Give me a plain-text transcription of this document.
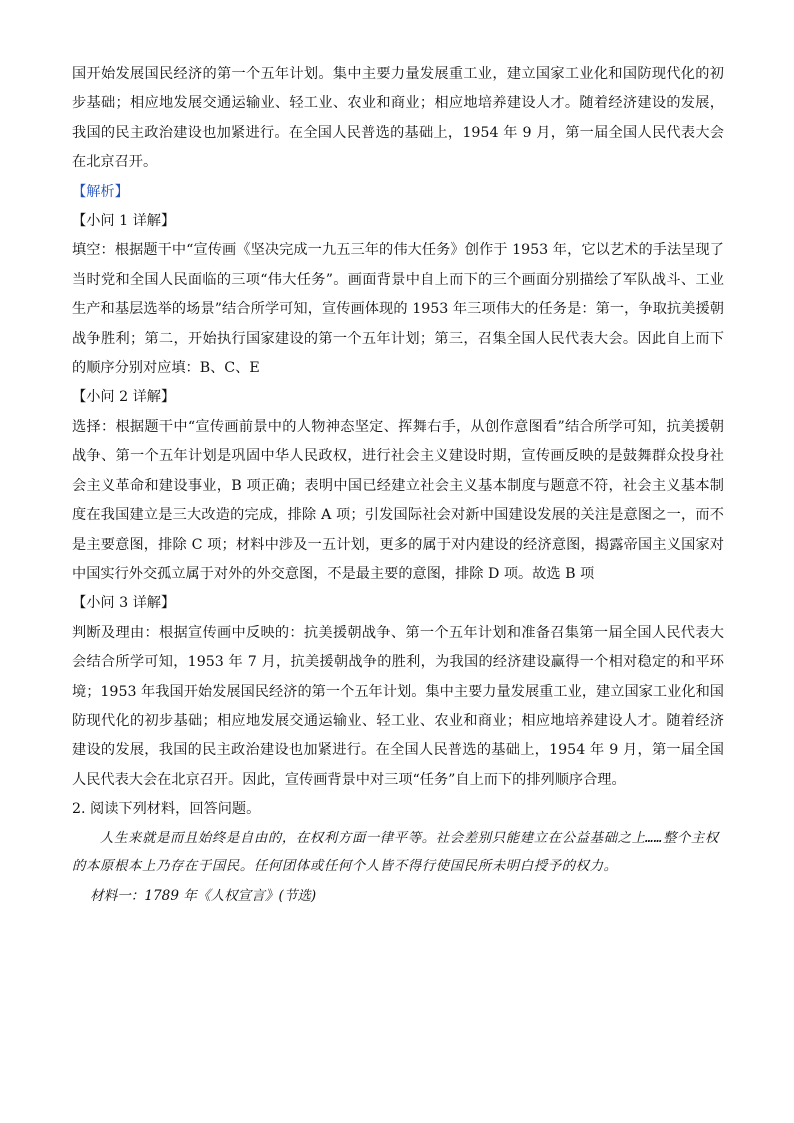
国开始发展国民经济的第一个五年计划。集中主要力量发展重工业，建立国家工业化和国防现代化的初步基础；相应地发展交通运输业、轻工业、农业和商业；相应地培养建设人才。随着经济建设的发展，我国的民主政治建设也加紧进行。在全国人民普选的基础上，1954 年 9 月，第一届全国人民代表大会在北京召开。

【解析】

【小问 1 详解】

填空：根据题干中“宣传画《坚决完成一九五三年的伟大任务》创作于 1953 年，它以艺术的手法呈现了当时党和全国人民面临的三项“伟大任务”。画面背景中自上而下的三个画面分别描绘了军队战斗、工业生产和基层选举的场景”结合所学可知，宣传画体现的 1953 年三项伟大的任务是：第一，争取抗美援朝战争胜利；第二，开始执行国家建设的第一个五年计划；第三，召集全国人民代表大会。因此自上而下的顺序分别对应填：B、C、E

【小问 2 详解】

选择：根据题干中“宣传画前景中的人物神态坚定、挥舞右手，从创作意图看”结合所学可知，抗美援朝战争、第一个五年计划是巩固中华人民政权，进行社会主义建设时期，宣传画反映的是鼓舞群众投身社会主义革命和建设事业，B 项正确；表明中国已经建立社会主义基本制度与题意不符，社会主义基本制度在我国建立是三大改造的完成，排除 A 项；引发国际社会对新中国建设发展的关注是意图之一，而不是主要意图，排除 C 项；材料中涉及一五计划，更多的属于对内建设的经济意图，揭露帝国主义国家对中国实行外交孤立属于对外的外交意图，不是最主要的意图，排除 D 项。故选 B 项

【小问 3 详解】

判断及理由：根据宣传画中反映的：抗美援朝战争、第一个五年计划和准备召集第一届全国人民代表大会结合所学可知，1953 年 7 月，抗美援朝战争的胜利，为我国的经济建设赢得一个相对稳定的和平环境；1953 年我国开始发展国民经济的第一个五年计划。集中主要力量发展重工业，建立国家工业化和国防现代化的初步基础；相应地发展交通运输业、轻工业、农业和商业；相应地培养建设人才。随着经济建设的发展，我国的民主政治建设也加紧进行。在全国人民普选的基础上，1954 年 9 月，第一届全国人民代表大会在北京召开。因此，宣传画背景中对三项“任务”自上而下的排列顺序合理。

2. 阅读下列材料，回答问题。

人生来就是而且始终是自由的，在权利方面一律平等。社会差别只能建立在公益基础之上……整个主权的本原根本上乃存在于国民。任何团体或任何个人皆不得行使国民所未明白授予的权力。

材料一：1789 年《人权宣言》(节选)
